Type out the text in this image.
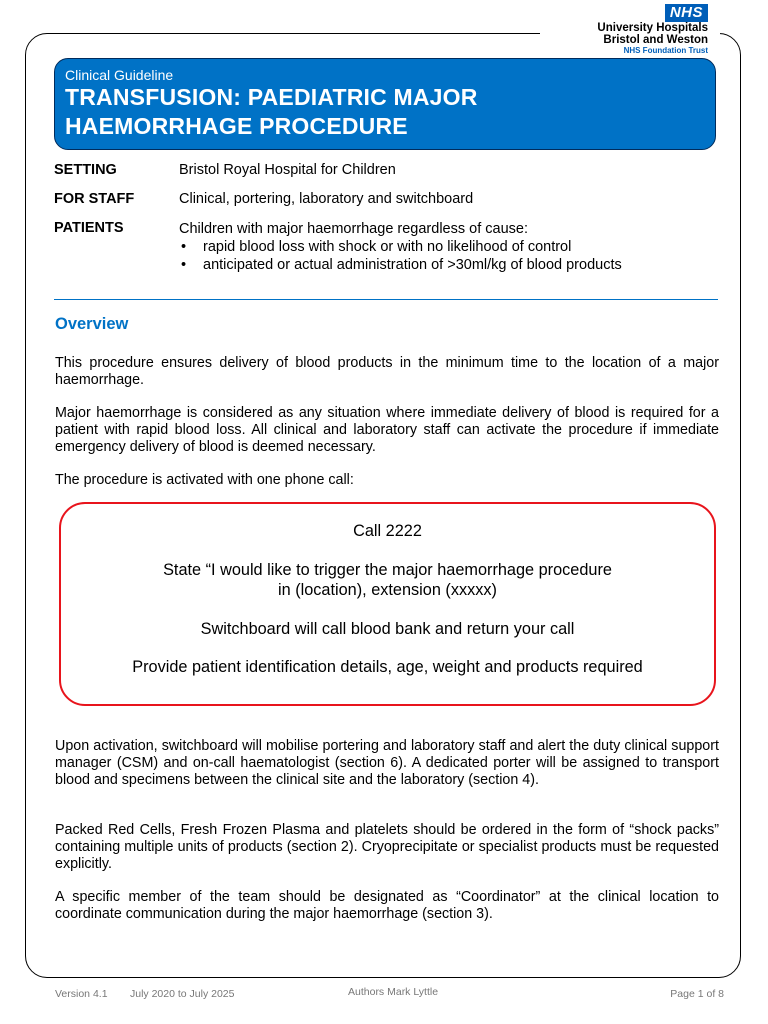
NHS
University Hospitals
Bristol and Weston
NHS Foundation Trust
Clinical Guideline
TRANSFUSION: PAEDIATRIC MAJOR
HAEMORRHAGE PROCEDURE
SETTING	Bristol Royal Hospital for Children
FOR STAFF	Clinical, portering, laboratory and switchboard
PATIENTS	Children with major haemorrhage regardless of cause:
• rapid blood loss with shock or with no likelihood of control
• anticipated or actual administration of >30ml/kg of blood products
Overview
This procedure ensures delivery of blood products in the minimum time to the location of a major haemorrhage.
Major haemorrhage is considered as any situation where immediate delivery of blood is required for a patient with rapid blood loss. All clinical and laboratory staff can activate the procedure if immediate emergency delivery of blood is deemed necessary.
The procedure is activated with one phone call:
Call 2222
State “I would like to trigger the major haemorrhage procedure
in (location), extension (xxxxx)
Switchboard will call blood bank and return your call
Provide patient identification details, age, weight and products required
Upon activation, switchboard will mobilise portering and laboratory staff and alert the duty clinical support manager (CSM) and on-call haematologist (section 6). A dedicated porter will be assigned to transport blood and specimens between the clinical site and the laboratory (section 4).
Packed Red Cells, Fresh Frozen Plasma and platelets should be ordered in the form of “shock packs” containing multiple units of products (section 2). Cryoprecipitate or specialist products must be requested explicitly.
A specific member of the team should be designated as “Coordinator” at the clinical location to coordinate communication during the major haemorrhage (section 3).
Version 4.1 July 2020 to July 2025	Authors Mark Lyttle	Page 1 of 8
